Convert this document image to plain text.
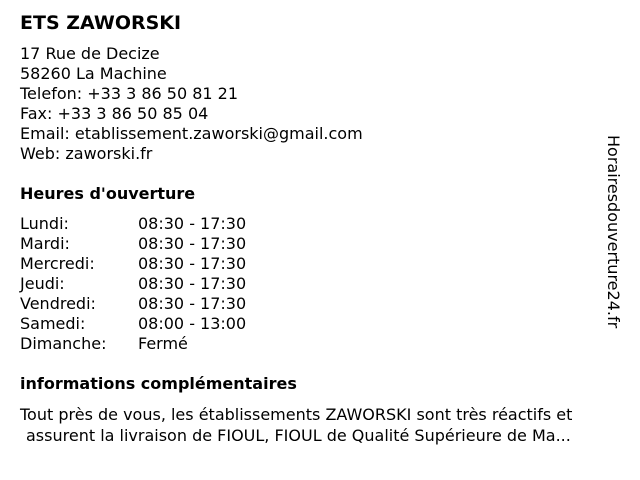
ETS ZAWORSKI
17 Rue de Decize
58260 La Machine
Telefon: +33 3 86 50 81 21
Fax: +33 3 86 50 85 04
Email: etablissement.zaworski@gmail.com
Web: zaworski.fr
Heures d'ouverture
Lundi:	08:30 - 17:30
Mardi:	08:30 - 17:30
Mercredi:	08:30 - 17:30
Jeudi:	08:30 - 17:30
Vendredi:	08:30 - 17:30
Samedi:	08:00 - 13:00
Dimanche: Fermé
informations complémentaires
Tout près de vous, les établissements ZAWORSKI sont très réactifs et
assurent la livraison de FIOUL, FIOUL de Qualité Supérieure de Ma...
Horairesdouverture24.fr
